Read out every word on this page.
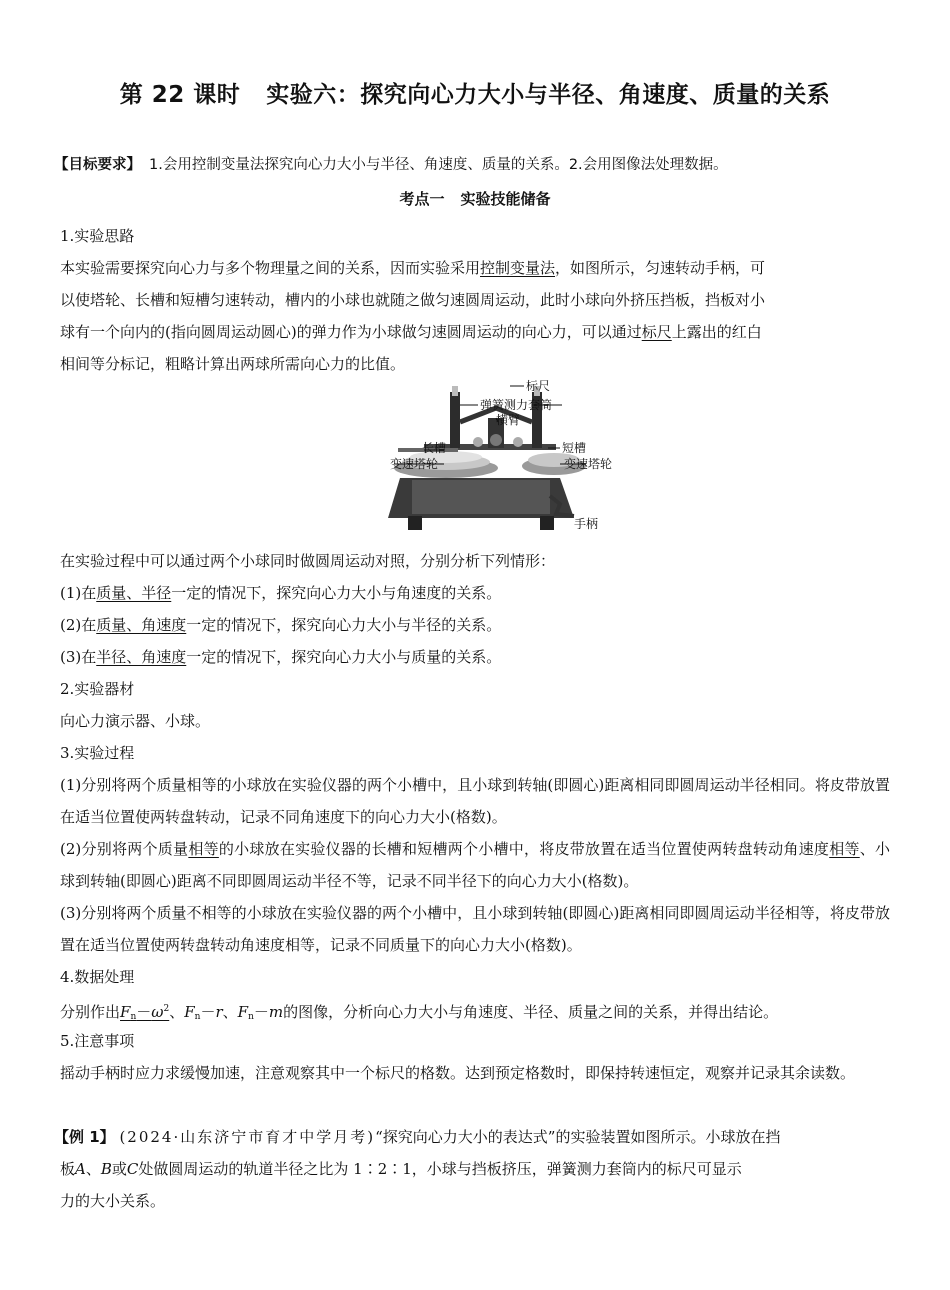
第 22 课时 实验六：探究向心力大小与半径、角速度、质量的关系
【目标要求】 1.会用控制变量法探究向心力大小与半径、角速度、质量的关系。2.会用图像法处理数据。
考点一 实验技能储备
1.实验思路
本实验需要探究向心力与多个物理量之间的关系，因而实验采用控制变量法，如图所示，匀速转动手柄，可
以使塔轮、长槽和短槽匀速转动，槽内的小球也就随之做匀速圆周运动，此时小球向外挤压挡板，挡板对小
球有一个向内的(指向圆周运动圆心)的弹力作为小球做匀速圆周运动的向心力，可以通过标尺上露出的红白
相间等分标记，粗略计算出两球所需向心力的比值。
标尺
弹簧测力套筒
横臂
长槽
变速塔轮
短槽
变速塔轮
手柄
在实验过程中可以通过两个小球同时做圆周运动对照，分别分析下列情形：
(1)在质量、半径一定的情况下，探究向心力大小与角速度的关系。
(2)在质量、角速度一定的情况下，探究向心力大小与半径的关系。
(3)在半径、角速度一定的情况下，探究向心力大小与质量的关系。
2.实验器材
向心力演示器、小球。
3.实验过程
(1)分别将两个质量相等的小球放在实验仪器的两个小槽中，且小球到转轴(即圆心)距离相同即圆周运动半径相同。将皮带放置在适当位置使两转盘转动，记录不同角速度下的向心力大小(格数)。
(2)分别将两个质量相等的小球放在实验仪器的长槽和短槽两个小槽中，将皮带放置在适当位置使两转盘转动角速度相等、小球到转轴(即圆心)距离不同即圆周运动半径不等，记录不同半径下的向心力大小(格数)。
(3)分别将两个质量不相等的小球放在实验仪器的两个小槽中，且小球到转轴(即圆心)距离相同即圆周运动半径相等，将皮带放置在适当位置使两转盘转动角速度相等，记录不同质量下的向心力大小(格数)。
4.数据处理
分别作出$F_n-\omega^2$、$F_n-r$、$F_n-m$的图像，分析向心力大小与角速度、半径、质量之间的关系，并得出结论。
5.注意事项
摇动手柄时应力求缓慢加速，注意观察其中一个标尺的格数。达到预定格数时，即保持转速恒定，观察并记录其余读数。
【例 1】 (2024·山东济宁市育才中学月考)“探究向心力大小的表达式”的实验装置如图所示。小球放在挡
板A、B或C处做圆周运动的轨道半径之比为 1∶2∶1，小球与挡板挤压，弹簧测力套筒内的标尺可显示
力的大小关系。
